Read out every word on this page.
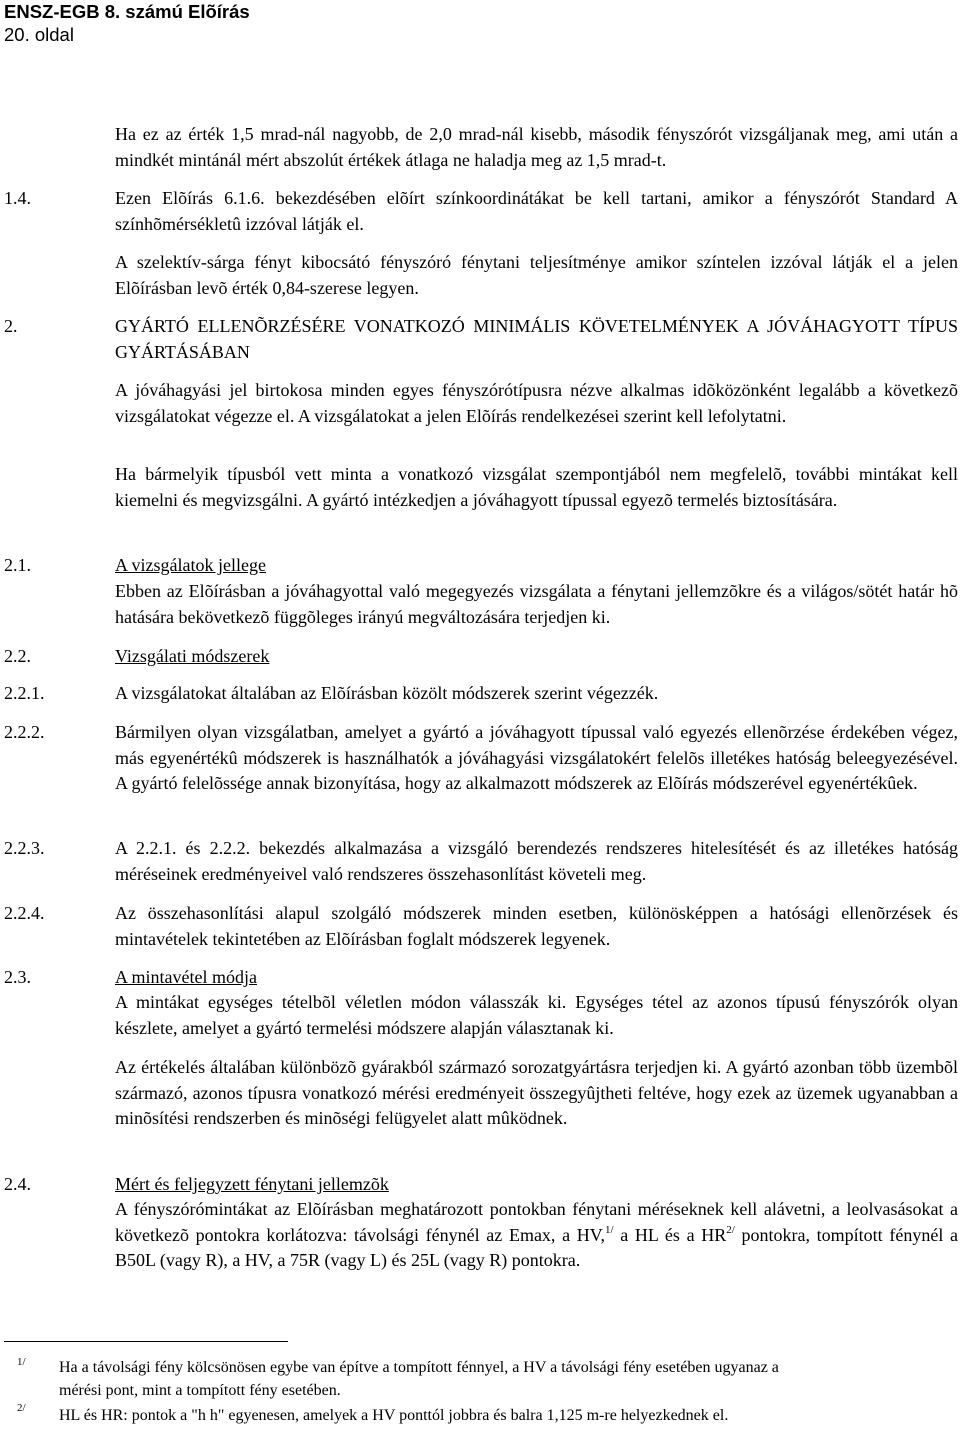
ENSZ-EGB 8. számú Elõírás
20. oldal
Ha ez az érték 1,5 mrad-nál nagyobb, de 2,0 mrad-nál kisebb, második fényszórót vizsgáljanak meg, ami után a mindkét mintánál mért abszolút értékek átlaga ne haladja meg az 1,5 mrad-t.
1.4.	Ezen Elõírás 6.1.6. bekezdésében elõírt színkoordinátákat be kell tartani, amikor a fényszórót Standard A színhõmérsékletû izzóval látják el.
A szelektív-sárga fényt kibocsátó fényszóró fénytani teljesítménye amikor színtelen izzóval látják el a jelen Elõírásban levõ érték 0,84-szerese legyen.
2.	GYÁRTÓ ELLENÕRZÉSÉRE VONATKOZÓ MINIMÁLIS KÖVETELMÉNYEK A JÓVÁHAGYOTT TÍPUS GYÁRTÁSÁBAN
A jóváhagyási jel birtokosa minden egyes fényszórótípusra nézve alkalmas idõközönként legalább a következõ vizsgálatokat végezze el. A vizsgálatokat a jelen Elõírás rendelkezései szerint kell lefolytatni.
Ha bármelyik típusból vett minta a vonatkozó vizsgálat szempontjából nem megfelelõ, további mintákat kell kiemelni és megvizsgálni. A gyártó intézkedjen a jóváhagyott típussal egyezõ termelés biztosítására.
2.1.	A vizsgálatok jellege
Ebben az Elõírásban a jóváhagyottal való megegyezés vizsgálata a fénytani jellemzõkre és a világos/sötét határ hõ hatására bekövetkezõ függõleges irányú megváltozására terjedjen ki.
2.2.	Vizsgálati módszerek
2.2.1.	A vizsgálatokat általában az Elõírásban közölt módszerek szerint végezzék.
2.2.2.	Bármilyen olyan vizsgálatban, amelyet a gyártó a jóváhagyott típussal való egyezés ellenõrzése érdekében végez, más egyenértékû módszerek is használhatók a jóváhagyási vizsgálatokért felelõs illetékes hatóság beleegyezésével. A gyártó felelõssége annak bizonyítása, hogy az alkalmazott módszerek az Elõírás módszerével egyenértékûek.
2.2.3.	A 2.2.1. és 2.2.2. bekezdés alkalmazása a vizsgáló berendezés rendszeres hitelesítését és az illetékes hatóság méréseinek eredményeivel való rendszeres összehasonlítást követeli meg.
2.2.4.	Az összehasonlítási alapul szolgáló módszerek minden esetben, különösképpen a hatósági ellenõrzések és mintavételek tekintetében az Elõírásban foglalt módszerek legyenek.
2.3.	A mintavétel módja
A mintákat egységes tételbõl véletlen módon válasszák ki. Egységes tétel az azonos típusú fényszórók olyan készlete, amelyet a gyártó termelési módszere alapján választanak ki.
Az értékelés általában különbözõ gyárakból származó sorozatgyártásra terjedjen ki. A gyártó azonban több üzembõl származó, azonos típusra vonatkozó mérési eredményeit összegyûjtheti feltéve, hogy ezek az üzemek ugyanabban a minõsítési rendszerben és minõségi felügyelet alatt mûködnek.
2.4.	Mért és feljegyzett fénytani jellemzõk
A fényszórómintákat az Elõírásban meghatározott pontokban fénytani méréseknek kell alávetni, a leolvasásokat a következõ pontokra korlátozva: távolsági fénynél az Emax, a HV,$^{1/}$ a HL és a $HR^{2/}$ pontokra, tompított fénynél a B50L (vagy R), a HV, a 75R (vagy L) és 25L (vagy R) pontokra.
1/ Ha a távolsági fény kölcsönösen egybe van építve a tompított fénnyel, a HV a távolsági fény esetében ugyanaz a
mérési pont, mint a tompított fény esetében.
2/ HL és HR: pontok a "h h" egyenesen, amelyek a HV ponttól jobbra és balra 1,125 m-re helyezkednek el.
